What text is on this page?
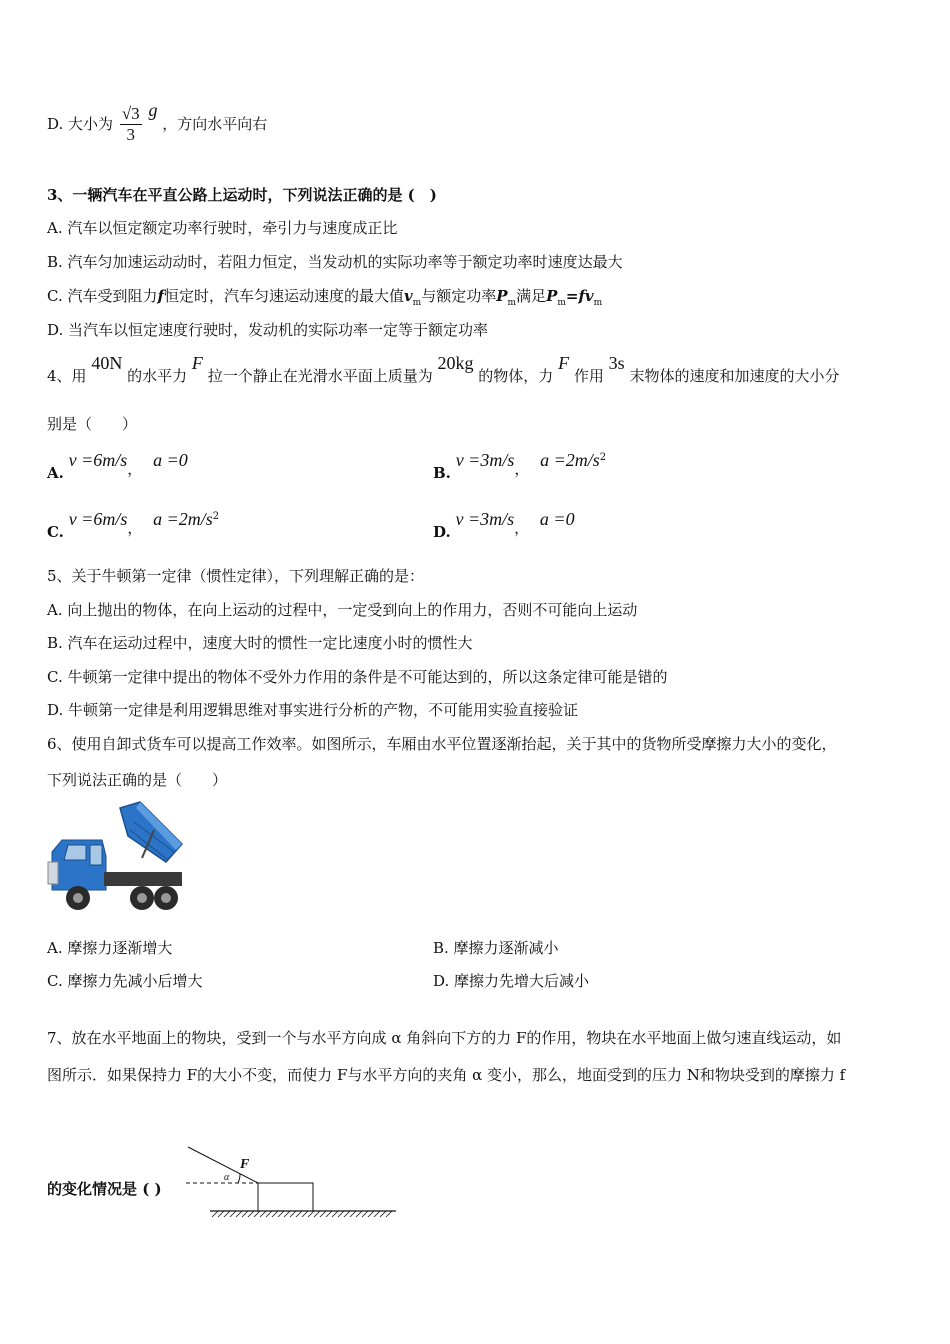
D. 大小为 $\frac{√3}{3}$ g ，方向水平向右
3、一辆汽车在平直公路上运动时，下列说法正确的是 (　)
A. 汽车以恒定额定功率行驶时，牵引力与速度成正比
B. 汽车匀加速运动动时，若阻力恒定，当发动机的实际功率等于额定功率时速度达最大
C. 汽车受到阻力f恒定时，汽车匀速运动速度的最大值$v_m$与额定功率$P_m$满足$P_m=fv_m$
D. 当汽车以恒定速度行驶时，发动机的实际功率一定等于额定功率
4、用 40N 的水平力 F 拉一个静止在光滑水平面上质量为 20kg 的物体，力 F 作用 3s 末物体的速度和加速度的大小分
别是（　　）
A. v =6m/s， a =0
B. v =3m/s， $a =2m/s^2$
C. v =6m/s， $a =2m/s^2$
D. v =3m/s， a =0
5、关于牛顿第一定律（惯性定律），下列理解正确的是：
A. 向上抛出的物体，在向上运动的过程中，一定受到向上的作用力，否则不可能向上运动
B. 汽车在运动过程中，速度大时的惯性一定比速度小时的惯性大
C. 牛顿第一定律中提出的物体不受外力作用的条件是不可能达到的，所以这条定律可能是错的
D. 牛顿第一定律是利用逻辑思维对事实进行分析的产物，不可能用实验直接验证
6、使用自卸式货车可以提高工作效率。如图所示，车厢由水平位置逐渐抬起，关于其中的货物所受摩擦力大小的变化，
下列说法正确的是（　　）
A. 摩擦力逐渐增大	B. 摩擦力逐渐减小
C. 摩擦力先减小后增大	D. 摩擦力先增大后减小
7、放在水平地面上的物块，受到一个与水平方向成 α 角斜向下方的力 F的作用，物块在水平地面上做匀速直线运动，如
图所示．如果保持力 F的大小不变，而使力 F与水平方向的夹角 α 变小，那么，地面受到的压力 N和物块受到的摩擦力 f
的变化情况是 ( )
F
α
